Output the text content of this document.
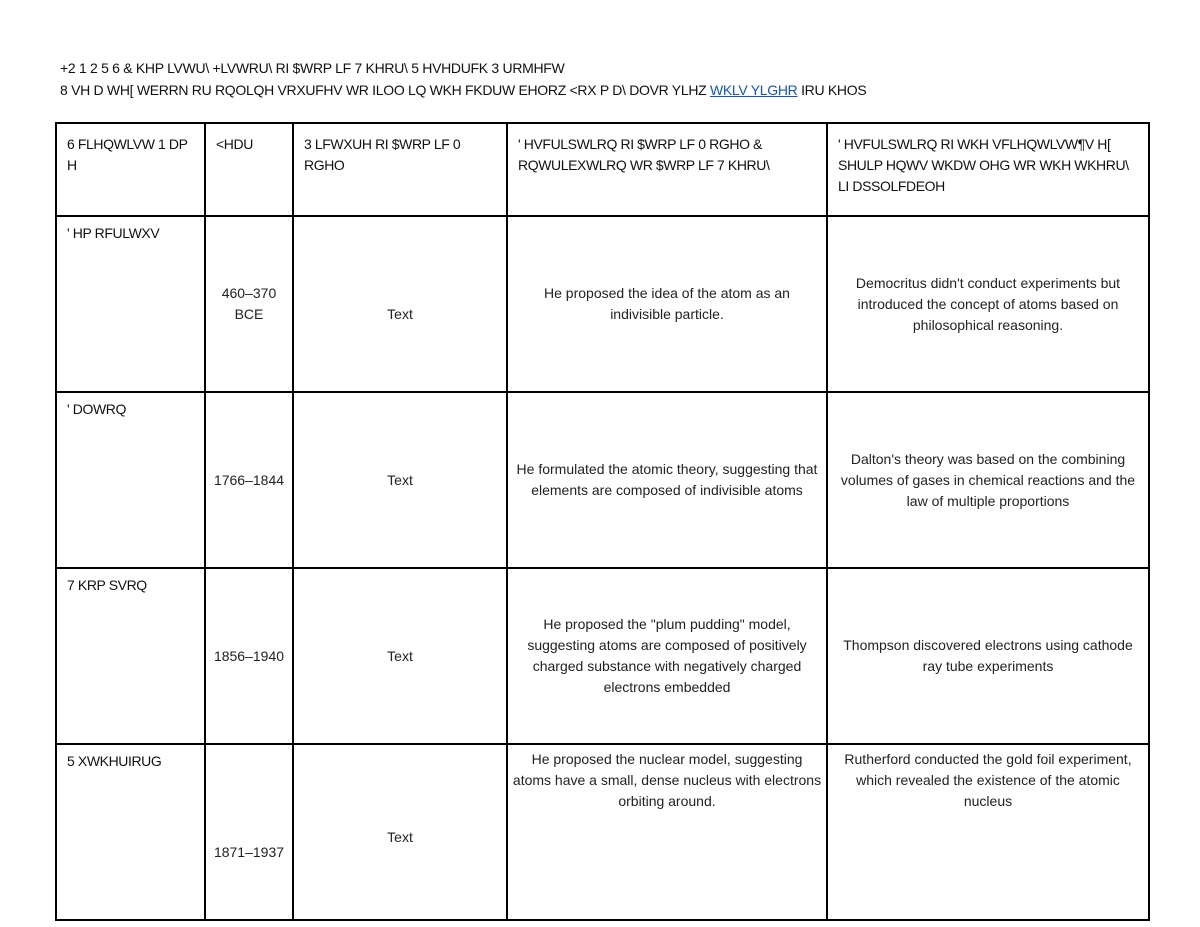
+2 1 2 5 6 & KHP LVWU\ +LVWRU\ RI $WRP LF 7 KHRU\ 5 HVHDUFK 3 URMHFW
8 VH D WH[ WERRN RU RQOLQH VRXUFHV WR ILOO LQ WKH FKDUW EHORZ <RX P D\ DOVR YLHZ WKLV YLGHR IRU KHOS
6 FLHQWLVW 1 DP H	<HDU	3 LFWXUH RI $WRP LF 0 RGHO	' HVFULSWLRQ RI $WRP LF 0 RGHO & RQWULEXWLRQ WR $WRP LF 7 KHRU\	' HVFULSWLRQ RI WKH VFLHQWLVW¶V H[ SHULP HQWV WKDW OHG WR WKH WKHRU\ LI DSSOLFDEOH
' HP RFULWXV	460–370 BCE	Text	He proposed the idea of the atom as an indivisible particle.	Democritus didn't conduct experiments but introduced the concept of atoms based on philosophical reasoning.

' DOWRQ	1766–1844	Text	He formulated the atomic theory, suggesting that elements are composed of indivisible atoms	Dalton's theory was based on the combining volumes of gases in chemical reactions and the law of multiple proportions

7 KRP SVRQ	1856–1940	Text	He proposed the "plum pudding" model, suggesting atoms are composed of positively charged substance with negatively charged electrons embedded	Thompson discovered electrons using cathode ray tube experiments

5 XWKHUIRUG	1871–1937	Text	He proposed the nuclear model, suggesting atoms have a small, dense nucleus with electrons orbiting around.	Rutherford conducted the gold foil experiment, which revealed the existence of the atomic nucleus
